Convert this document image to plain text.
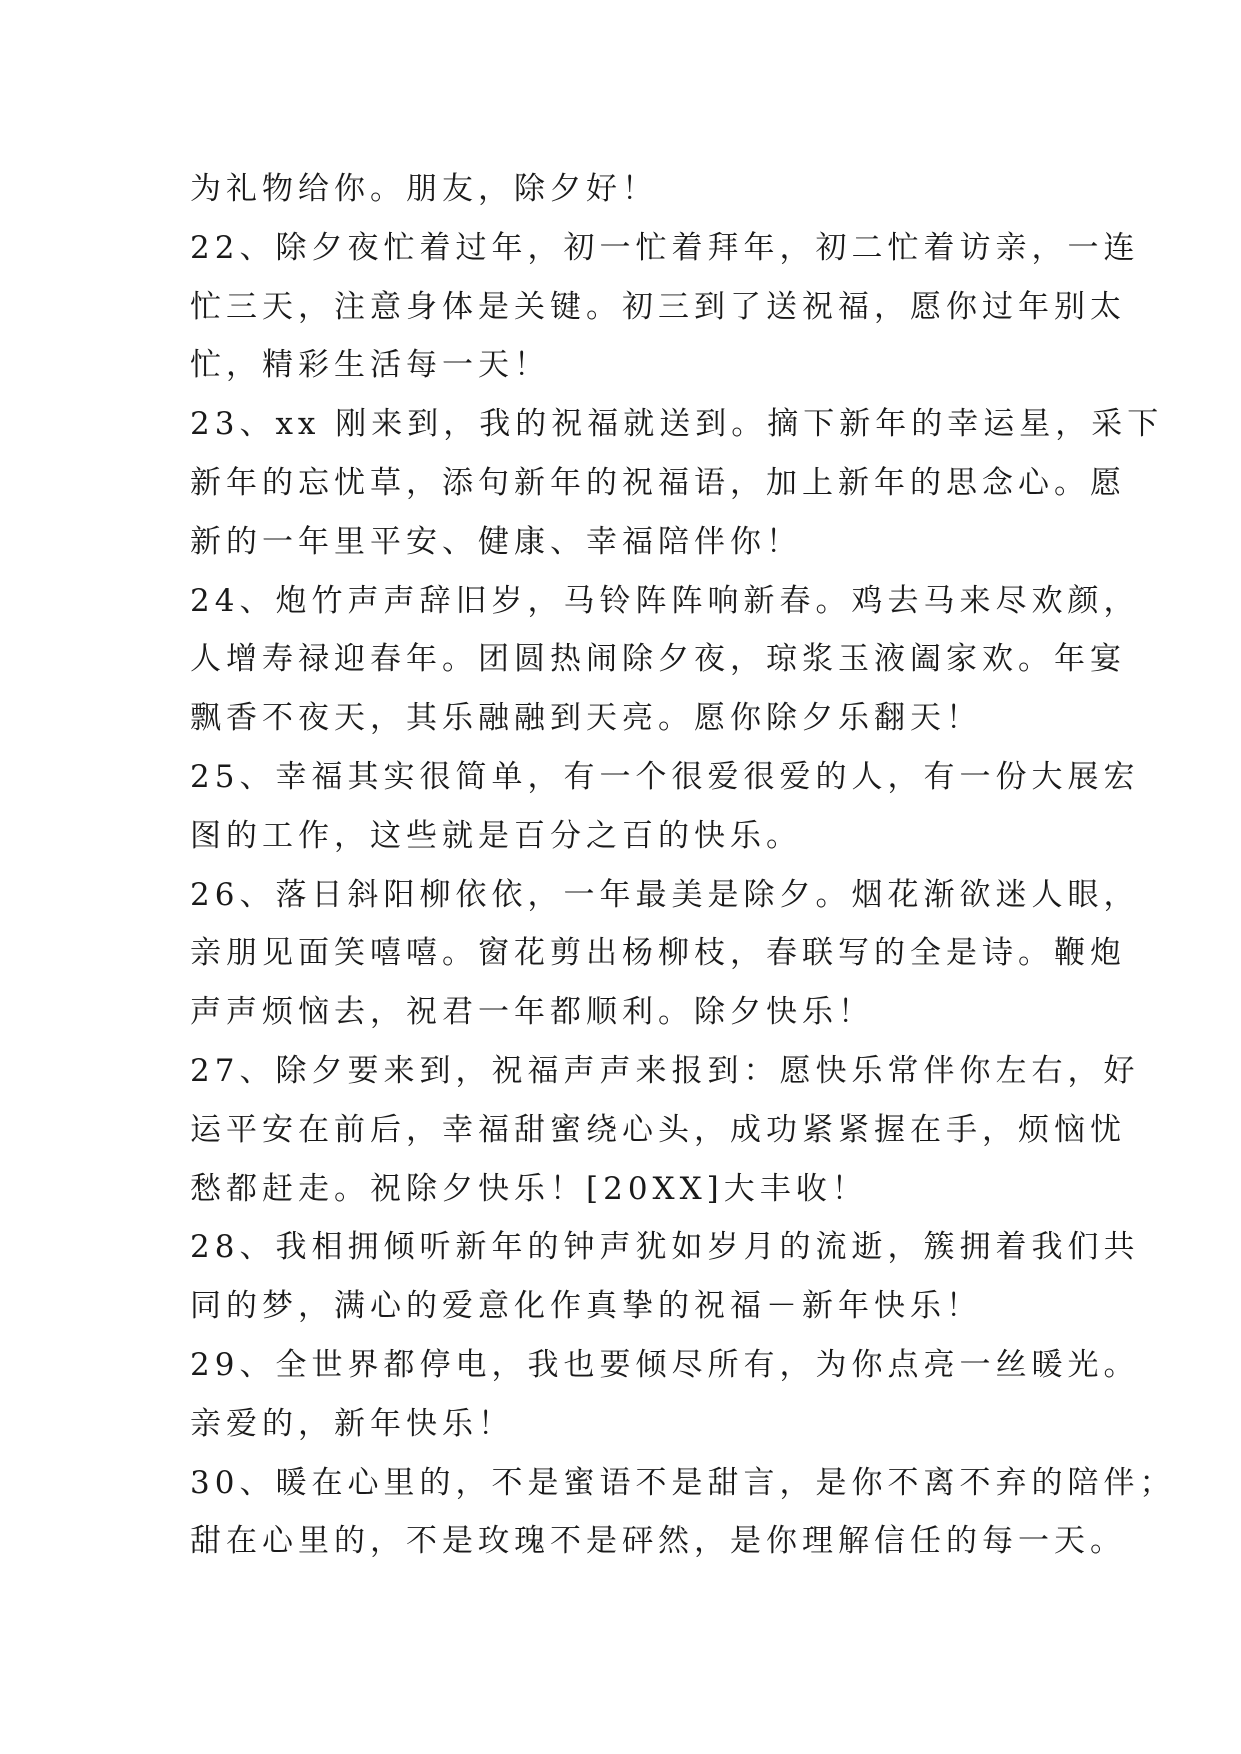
为礼物给你。朋友，除夕好！
22、除夕夜忙着过年，初一忙着拜年，初二忙着访亲，一连
忙三天，注意身体是关键。初三到了送祝福，愿你过年别太
忙，精彩生活每一天！
23、xx 刚来到，我的祝福就送到。摘下新年的幸运星，采下
新年的忘忧草，添句新年的祝福语，加上新年的思念心。愿
新的一年里平安、健康、幸福陪伴你！
24、炮竹声声辞旧岁，马铃阵阵响新春。鸡去马来尽欢颜，
人增寿禄迎春年。团圆热闹除夕夜，琼浆玉液阖家欢。年宴
飘香不夜天，其乐融融到天亮。愿你除夕乐翻天！
25、幸福其实很简单，有一个很爱很爱的人，有一份大展宏
图的工作，这些就是百分之百的快乐。
26、落日斜阳柳依依，一年最美是除夕。烟花渐欲迷人眼，
亲朋见面笑嘻嘻。窗花剪出杨柳枝，春联写的全是诗。鞭炮
声声烦恼去，祝君一年都顺利。除夕快乐！
27、除夕要来到，祝福声声来报到：愿快乐常伴你左右，好
运平安在前后，幸福甜蜜绕心头，成功紧紧握在手，烦恼忧
愁都赶走。祝除夕快乐！[20XX]大丰收！
28、我相拥倾听新年的钟声犹如岁月的流逝，簇拥着我们共
同的梦，满心的爱意化作真挚的祝福－新年快乐！
29、全世界都停电，我也要倾尽所有，为你点亮一丝暖光。
亲爱的，新年快乐！
30、暖在心里的，不是蜜语不是甜言，是你不离不弃的陪伴；
甜在心里的，不是玫瑰不是砰然，是你理解信任的每一天。
